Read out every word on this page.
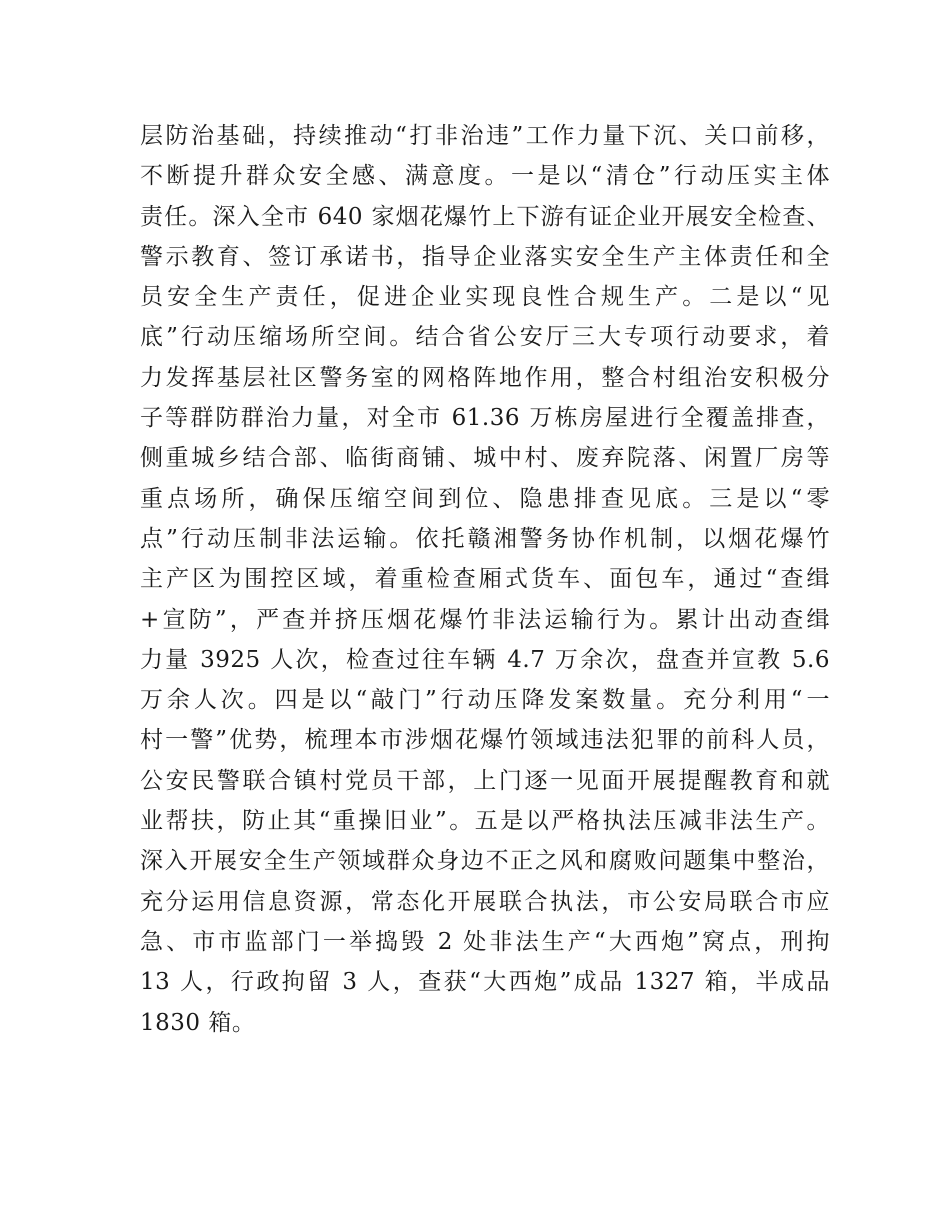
层防治基础，持续推动“打非治违”工作力量下沉、关口前移，
不断提升群众安全感、满意度。一是以“清仓”行动压实主体
责任。深入全市 640 家烟花爆竹上下游有证企业开展安全检查、
警示教育、签订承诺书，指导企业落实安全生产主体责任和全
员安全生产责任，促进企业实现良性合规生产。二是以“见
底”行动压缩场所空间。结合省公安厅三大专项行动要求，着
力发挥基层社区警务室的网格阵地作用，整合村组治安积极分
子等群防群治力量，对全市 61.36 万栋房屋进行全覆盖排查，
侧重城乡结合部、临街商铺、城中村、废弃院落、闲置厂房等
重点场所，确保压缩空间到位、隐患排查见底。三是以“零
点”行动压制非法运输。依托赣湘警务协作机制，以烟花爆竹
主产区为围控区域，着重检查厢式货车、面包车，通过“查缉
+宣防”，严查并挤压烟花爆竹非法运输行为。累计出动查缉
力量 3925 人次，检查过往车辆 4.7 万余次，盘查并宣教 5.6
万余人次。四是以“敲门”行动压降发案数量。充分利用“一
村一警”优势，梳理本市涉烟花爆竹领域违法犯罪的前科人员，
公安民警联合镇村党员干部，上门逐一见面开展提醒教育和就
业帮扶，防止其“重操旧业”。五是以严格执法压减非法生产。
深入开展安全生产领域群众身边不正之风和腐败问题集中整治，
充分运用信息资源，常态化开展联合执法，市公安局联合市应
急、市市监部门一举捣毁 2 处非法生产“大西炮”窝点，刑拘
13 人，行政拘留 3 人，查获“大西炮”成品 1327 箱，半成品
1830 箱。
